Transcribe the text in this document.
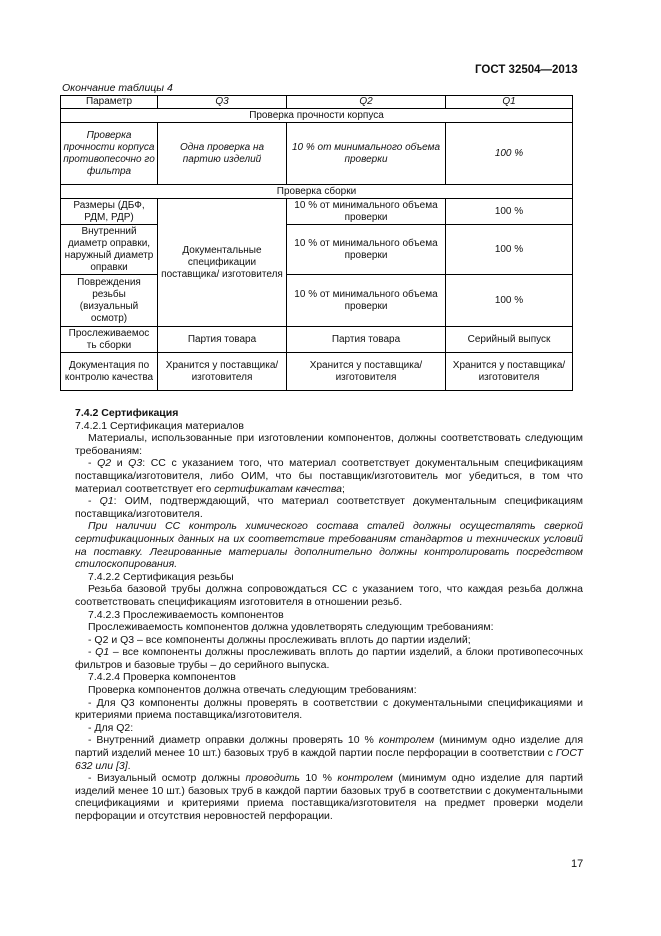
ГОСТ 32504—2013
Окончание таблицы 4
Параметр	Q3	Q2	Q1
Проверка прочности корпуса			
Проверка прочности корпуса противопесочно го фильтра	Одна проверка на партию изделий	10 % от минимального объема проверки	100 %
Проверка сборки			
Размеры (ДБФ, РДМ, РДР)	Документальные спецификации поставщика/ изготовителя	10 % от минимального объема проверки	100 %
Внутренний диаметр оправки, наружный диаметр оправки		10 % от минимального объема проверки	100 %
Повреждения резьбы (визуальный осмотр)		10 % от минимального объема проверки	100 %
Прослеживаемос ть сборки	Партия товара	Партия товара	Серийный выпуск
Документация по контролю качества	Хранится у поставщика/ изготовителя	Хранится у поставщика/ изготовителя	Хранится у поставщика/ изготовителя

7.4.2 Сертификация

7.4.2.1 Сертификация материалов

Материалы, использованные при изготовлении компонентов, должны соответствовать следующим требованиям:

- Q2 и Q3: СС с указанием того, что материал соответствует документальным спецификациям поставщика/изготовителя, либо ОИМ, что бы поставщик/изготовитель мог убедиться, в том что материал соответствует его сертификатам качества;

- Q1: ОИМ, подтверждающий, что материал соответствует документальным спецификациям поставщика/изготовителя.

При наличии СС контроль химического состава сталей должны осуществлять сверкой сертификационных данных на их соответствие требованиям стандартов и технических условий на поставку. Легированные материалы дополнительно должны контролировать посредством стилоскопирования.

7.4.2.2 Сертификация резьбы

Резьба базовой трубы должна сопровождаться СС с указанием того, что каждая резьба должна соответствовать спецификациям изготовителя в отношении резьб.

7.4.2.3 Прослеживаемость компонентов

Прослеживаемость компонентов должна удовлетворять следующим требованиям:

- Q2 и Q3 – все компоненты должны прослеживать вплоть до партии изделий;

- Q1 – все компоненты должны прослеживать вплоть до партии изделий, а блоки противопесочных фильтров и базовые трубы – до серийного выпуска.

7.4.2.4 Проверка компонентов

Проверка компонентов должна отвечать следующим требованиям:

- Для Q3 компоненты должны проверять в соответствии с документальными спецификациями и критериями приема поставщика/изготовителя.

- Для Q2:

- Внутренний диаметр оправки должны проверять 10 % контролем (минимум одно изделие для партий изделий менее 10 шт.) базовых труб в каждой партии после перфорации в соответствии с ГОСТ 632 или [3].

- Визуальный осмотр должны проводить 10 % контролем (минимум одно изделие для партий изделий менее 10 шт.) базовых труб в каждой партии базовых труб в соответствии с документальными спецификациями и критериями приема поставщика/изготовителя на предмет проверки модели перфорации и отсутствия неровностей перфорации.

17
